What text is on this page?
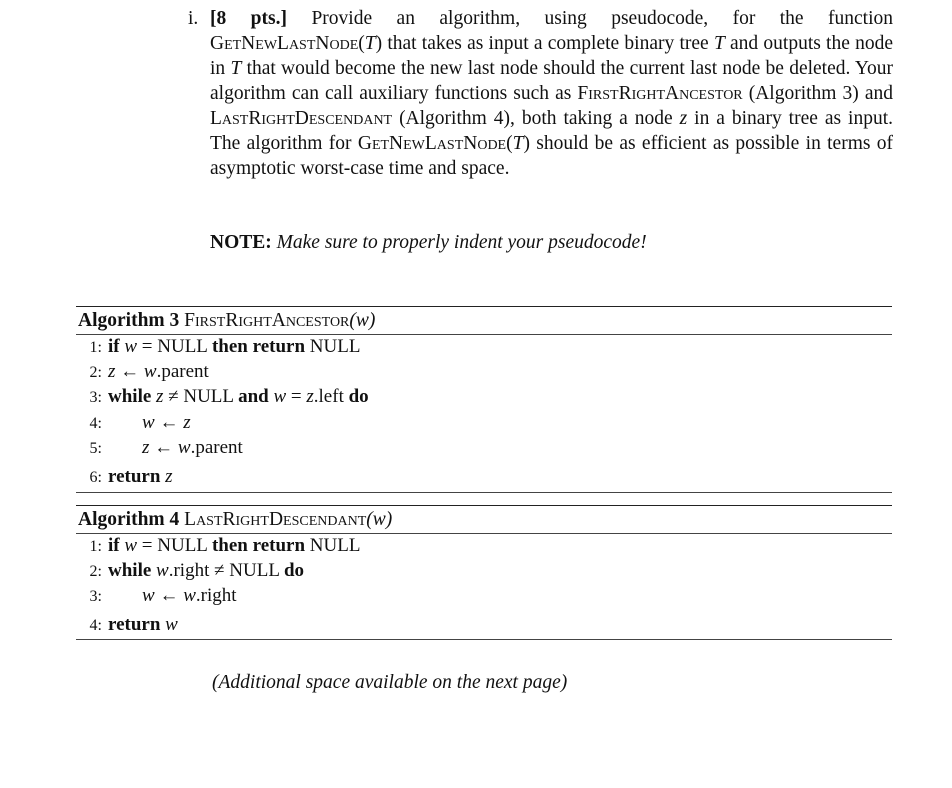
i. [8 pts.] Provide an algorithm, using pseudocode, for the function GetNewLastNode(T) that takes as input a complete binary tree T and outputs the node in T that would become the new last node should the current last node be deleted. Your algorithm can call auxiliary functions such as FirstRightAncestor (Algorithm 3) and LastRightDescendant (Algorithm 4), both taking a node z in a binary tree as input. The algorithm for GetNewLastNode(T) should be as efficient as possible in terms of asymptotic worst-case time and space.
NOTE: Make sure to properly indent your pseudocode!
Algorithm 3 FirstRightAncestor(w)
1: if w = NULL then return NULL
2: z ← w.parent
3: while z ≠ NULL and w = z.left do
4: w ← z
5: z ← w.parent
6: return z
Algorithm 4 LastRightDescendant(w)
1: if w = NULL then return NULL
2: while w.right ≠ NULL do
3: w ← w.right
4: return w
(Additional space available on the next page)
